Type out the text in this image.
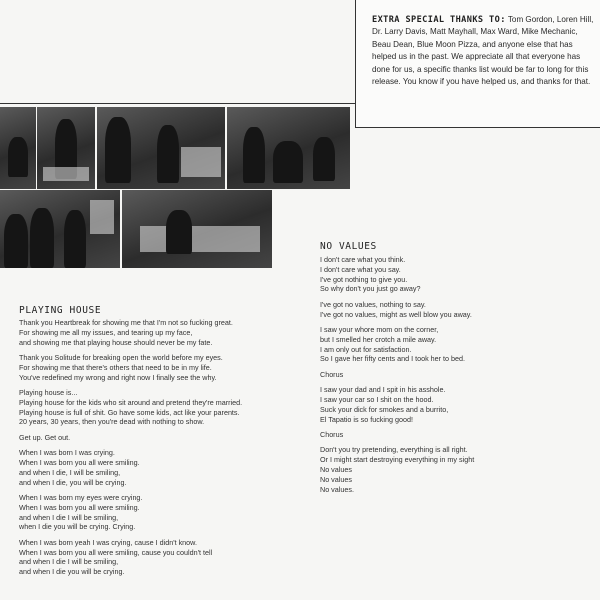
EXTRA SPECIAL THANKS TO: Tom Gordon, Loren Hill, Dr. Larry Davis, Matt Mayhall, Max Ward, Mike Mechanic, Beau Dean, Blue Moon Pizza, and anyone else that has helped us in the past. We appreciate all that everyone has done for us, a specific thanks list would be far to long for this release. You know if you have helped us, and thanks for that.
PLAYING HOUSE

Thank you Heartbreak for showing me that I'm not so fucking great.
For showing me all my issues, and tearing up my face,
and showing me that playing house should never be my fate.

Thank you Solitude for breaking open the world before my eyes.
For showing me that there's others that need to be in my life.
You've redefined my wrong and right now I finally see the why.

Playing house is...
Playing house for the kids who sit around and pretend they're married.
Playing house is full of shit. Go have some kids, act like your parents.
20 years, 30 years, then you're dead with nothing to show.

Get up. Get out.

When I was born I was crying.
When I was born you all were smiling.
and when I die, I will be smiling,
and when I die, you will be crying.

When I was born my eyes were crying.
When I was born you all were smiling.
and when I die I will be smiling,
when I die you will be crying. Crying.

When I was born yeah I was crying, cause I didn't know.
When I was born you all were smiling, cause you couldn't tell
and when I die I will be smiling,
and when I die you will be crying.

NO VALUES

I don't care what you think.
I don't care what you say.
I've got nothing to give you.
So why don't you just go away?

I've got no values, nothing to say.
I've got no values, might as well blow you away.

I saw your whore mom on the corner,
but I smelled her crotch a mile away.
I am only out for satisfaction.
So I gave her fifty cents and I took her to bed.

Chorus

I saw your dad and I spit in his asshole.
I saw your car so I shit on the hood.
Suck your dick for smokes and a burrito,
El Tapatio is so fucking good!

Chorus

Don't you try pretending, everything is all right.
Or I might start destroying everything in my sight
No values
No values
No values.
